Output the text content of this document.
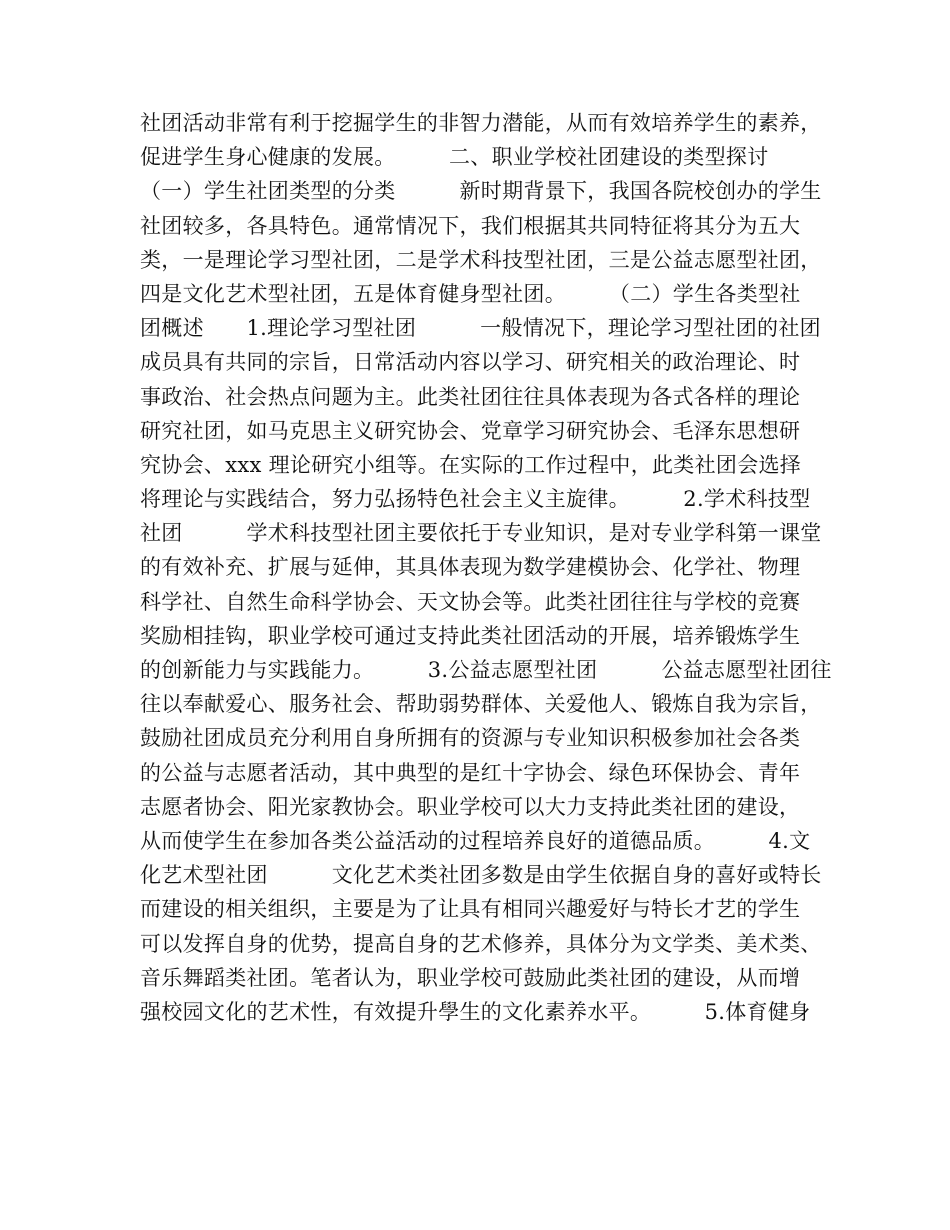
社团活动非常有利于挖掘学生的非智力潜能，从而有效培养学生的素养，
促进学生身心健康的发展。　　　二、职业学校社团建设的类型探讨
（一）学生社团类型的分类　　　新时期背景下，我国各院校创办的学生
社团较多，各具特色。通常情况下，我们根据其共同特征将其分为五大
类，一是理论学习型社团，二是学术科技型社团，三是公益志愿型社团，
四是文化艺术型社团，五是体育健身型社团。　　　（二）学生各类型社
团概述　　1.理论学习型社团　　　一般情况下，理论学习型社团的社团
成员具有共同的宗旨，日常活动内容以学习、研究相关的政治理论、时
事政治、社会热点问题为主。此类社团往往具体表现为各式各样的理论
研究社团，如马克思主义研究协会、党章学习研究协会、毛泽东思想研
究协会、xxx 理论研究小组等。在实际的工作过程中，此类社团会选择
将理论与实践结合，努力弘扬特色社会主义主旋律。　　　2.学术科技型
社团　　　学术科技型社团主要依托于专业知识，是对专业学科第一课堂
的有效补充、扩展与延伸，其具体表现为数学建模协会、化学社、物理
科学社、自然生命科学协会、天文协会等。此类社团往往与学校的竞赛
奖励相挂钩，职业学校可通过支持此类社团活动的开展，培养锻炼学生
的创新能力与实践能力。　　　3.公益志愿型社团　　　公益志愿型社团往
往以奉献爱心、服务社会、帮助弱势群体、关爱他人、锻炼自我为宗旨，
鼓励社团成员充分利用自身所拥有的资源与专业知识积极参加社会各类
的公益与志愿者活动，其中典型的是红十字协会、绿色环保协会、青年
志愿者协会、阳光家教协会。职业学校可以大力支持此类社团的建设，
从而使学生在参加各类公益活动的过程培养良好的道德品质。　　　4.文
化艺术型社团　　　文化艺术类社团多数是由学生依据自身的喜好或特长
而建设的相关组织，主要是为了让具有相同兴趣爱好与特长才艺的学生
可以发挥自身的优势，提高自身的艺术修养，具体分为文学类、美术类、
音乐舞蹈类社团。笔者认为，职业学校可鼓励此类社团的建设，从而增
强校园文化的艺术性，有效提升學生的文化素养水平。　　　5.体育健身
